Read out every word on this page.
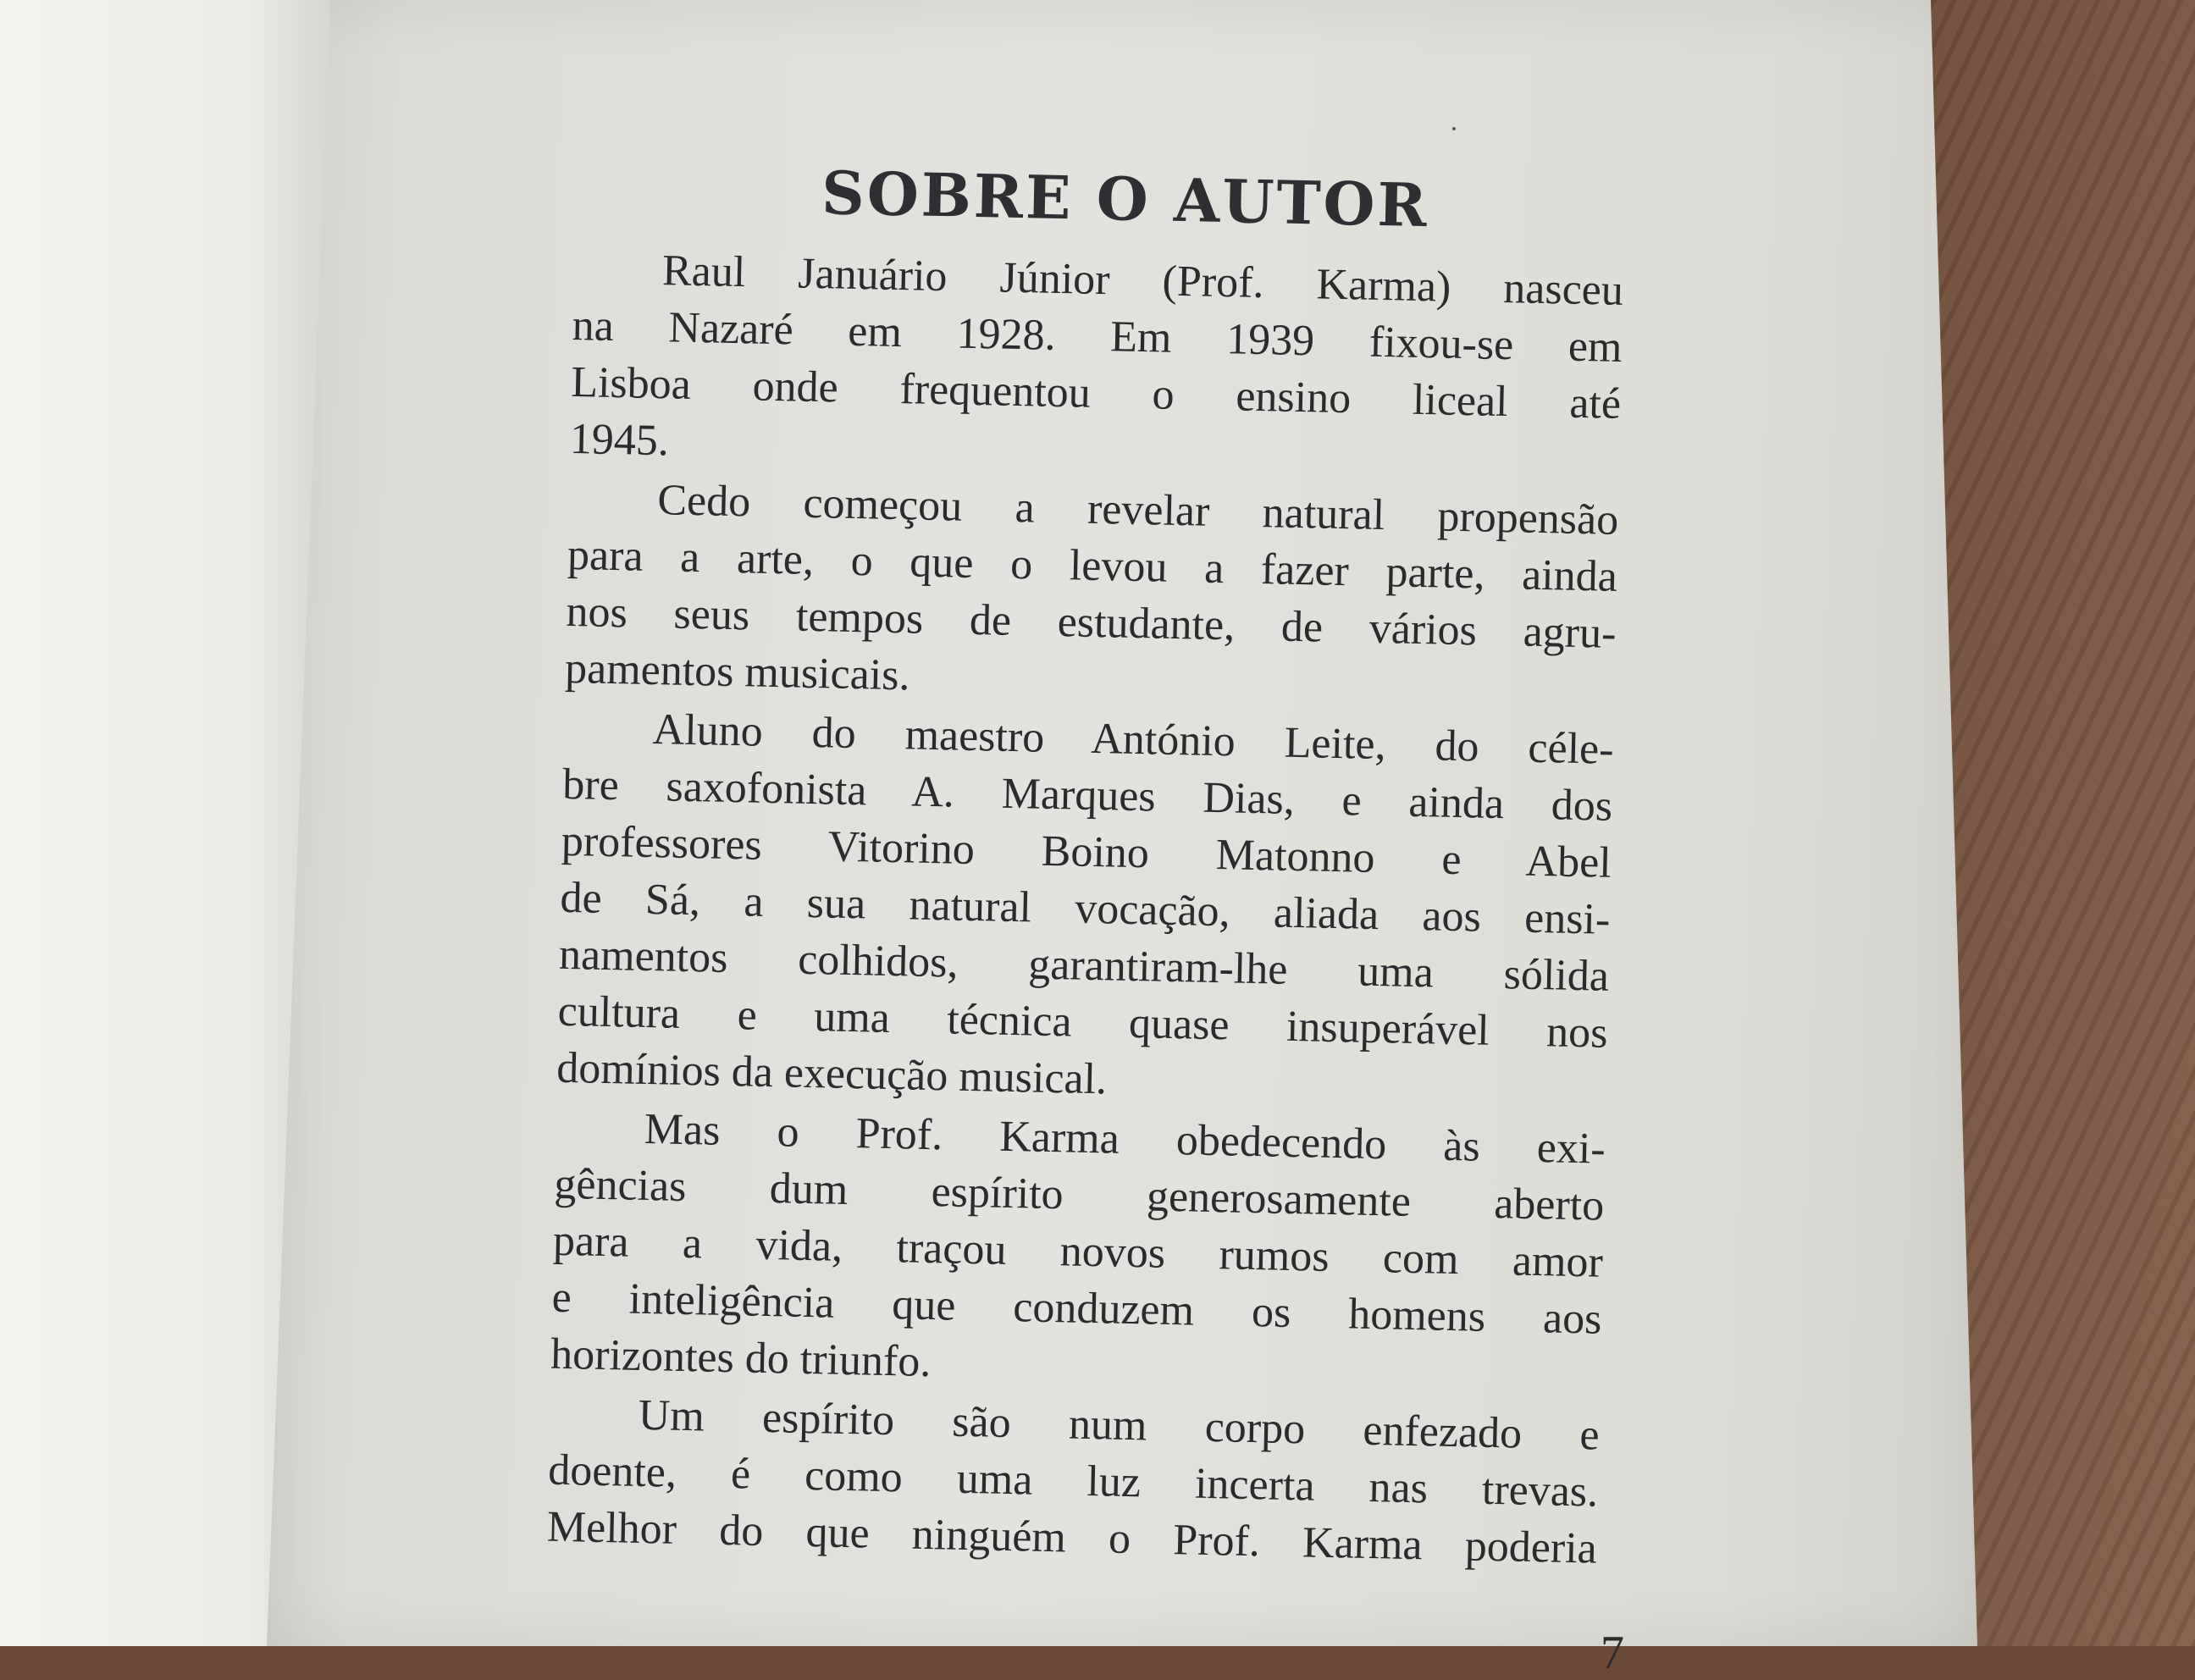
SOBRE O AUTOR
Raul Januário Júnior (Prof. Karma) nasceu
na Nazaré em 1928. Em 1939 fixou-se em
Lisboa onde frequentou o ensino liceal até
1945.
Cedo começou a revelar natural propensão
para a arte, o que o levou a fazer parte, ainda
nos seus tempos de estudante, de vários agru-
pamentos musicais.
Aluno do maestro António Leite, do céle-
bre saxofonista A. Marques Dias, e ainda dos
professores Vitorino Boino Matonno e Abel
de Sá, a sua natural vocação, aliada aos ensi-
namentos colhidos, garantiram-lhe uma sólida
cultura e uma técnica quase insuperável nos
domínios da execução musical.
Mas o Prof. Karma obedecendo às exi-
gências dum espírito generosamente aberto
para a vida, traçou novos rumos com amor
e inteligência que conduzem os homens aos
horizontes do triunfo.
Um espírito são num corpo enfezado e
doente, é como uma luz incerta nas trevas.
Melhor do que ninguém o Prof. Karma poderia
7
